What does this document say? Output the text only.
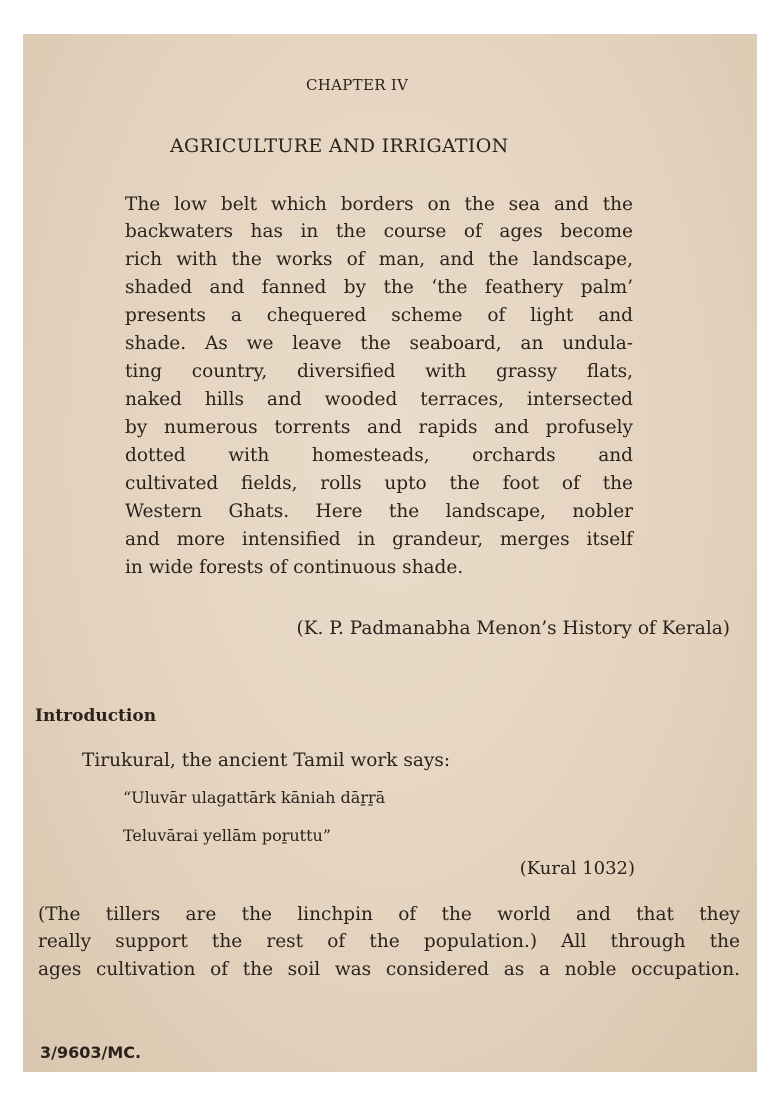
CHAPTER IV
AGRICULTURE AND IRRIGATION
The low belt which borders on the sea and the
backwaters has in the course of ages become
rich with the works of man, and the landscape,
shaded and fanned by the ‘the feathery palm’
presents a chequered scheme of light and
shade. As we leave the seaboard, an undula-
ting country, diversified with grassy flats,
naked hills and wooded terraces, intersected
by numerous torrents and rapids and profusely
dotted with homesteads, orchards and
cultivated fields, rolls upto the foot of the
Western Ghats. Here the landscape, nobler
and more intensified in grandeur, merges itself
in wide forests of continuous shade.
(K. P. Padmanabha Menon’s History of Kerala)
Introduction
Tirukural, the ancient Tamil work says:
“Uluvār ulagattārk kāniah dāṟṟā
Teluvārai yellām poṟuttu”
(Kural 1032)
(The tillers are the linchpin of the world and that they
really support the rest of the population.) All through the
ages cultivation of the soil was considered as a noble occupation.
3/9603/MC.
